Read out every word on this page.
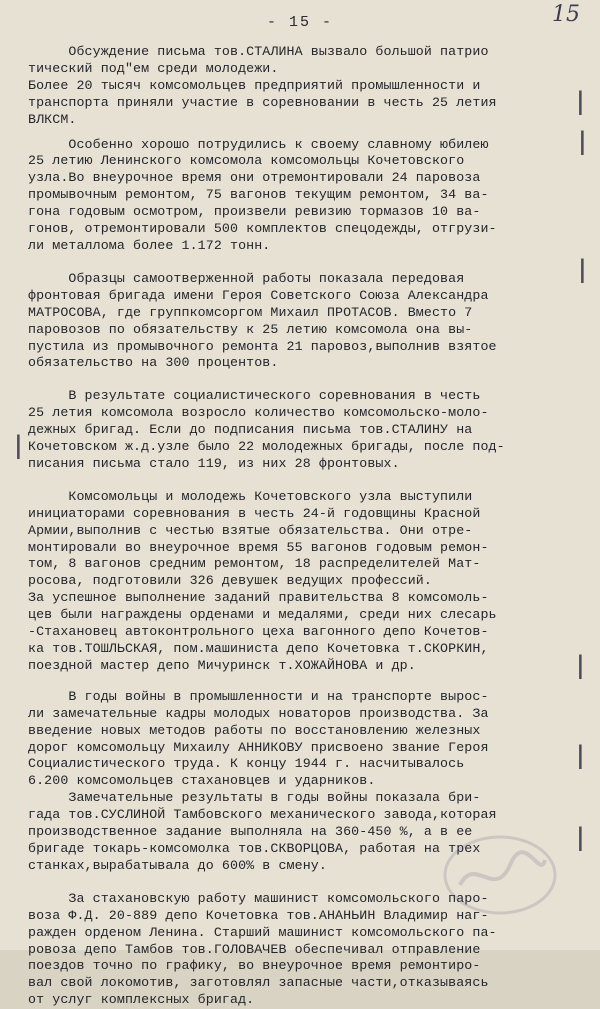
- 15 -	15
Обсуждение письма тов.СТАЛИНА вызвало большой патрио
тический под"ем среди молодежи.
Более 20 тысяч комсомольцев предприятий промышленности и
транспорта приняли участие в соревновании в честь 25 летия
ВЛКСМ.
Особенно хорошо потрудились к своему славному юбилею
25 летию Ленинского комсомола комсомольцы Кочетовского
узла.Во внеурочное время они отремонтировали 24 паровоза
промывочным ремонтом, 75 вагонов текущим ремонтом, 34 ва-
гона годовым осмотром, произвели ревизию тормазов 10 ва-
гонов, отремонтировали 500 комплектов спецодежды, отгрузи-
ли металлома более 1.172 тонн.
Образцы самоотверженной работы показала передовая
фронтовая бригада имени Героя Советского Союза Александра
МАТРОСОВА, где группкомсоргом Михаил ПРОТАСОВ. Вместо 7
паровозов по обязательству к 25 летию комсомола она вы-
пустила из промывочного ремонта 21 паровоз,выполнив взятое
обязательство на 300 процентов.
В результате социалистического соревнования в честь
25 летия комсомола возросло количество комсомольско-моло-
дежных бригад. Если до подписания письма тов.СТАЛИНУ на
Кочетовском ж.д.узле было 22 молодежных бригады, после под-
писания письма стало 119, из них 28 фронтовых.
Комсомольцы и молодежь Кочетовского узла выступили
инициаторами соревнования в честь 24-й годовщины Красной
Армии,выполнив с честью взятые обязательства. Они отре-
монтировали во внеурочное время 55 вагонов годовым ремон-
том, 8 вагонов средним ремонтом, 18 распределителей Мат-
росова, подготовили 326 девушек ведущих профессий.
За успешное выполнение заданий правительства 8 комсомоль-
цев были награждены орденами и медалями, среди них слесарь
-Стахановец автоконтрольного цеха вагонного депо Кочетов-
ка тов.ТОШЛЬСКАЯ, пом.машиниста депо Кочетовка т.СКОРКИН,
поездной мастер депо Мичуринск т.ХОЖАЙНОВА и др.
В годы войны в промышленности и на транспорте вырос-
ли замечательные кадры молодых новаторов производства. За
введение новых методов работы по восстановлению железных
дорог комсомольцу Михаилу АННИКОВУ присвоено звание Героя
Социалистического труда. К концу 1944 г. насчитывалось
6.200 комсомольцев стахановцев и ударников.
Замечательные результаты в годы войны показала бри-
гада тов.СУСЛИНОЙ Тамбовского механического завода,которая
производственное задание выполняла на 360-450 %, а в ее
бригаде токарь-комсомолка тов.СКВОРЦОВА, работая на трех
станках,вырабатывала до 600% в смену.
За стахановскую работу машинист комсомольского паро-
воза Ф.Д. 20-889 депо Кочетовка тов.АНАНЬИН Владимир наг-
ражден орденом Ленина. Старший машинист комсомольского па-
ровоза депо Тамбов тов.ГОЛОВАЧЕВ обеспечивал отправление
поездов точно по графику, во внеурочное время ремонтиро-
вал свой локомотив, заготовлял запасные части,отказываясь
от услуг комплексных бригад.
|
|
|
|
|
|
|
